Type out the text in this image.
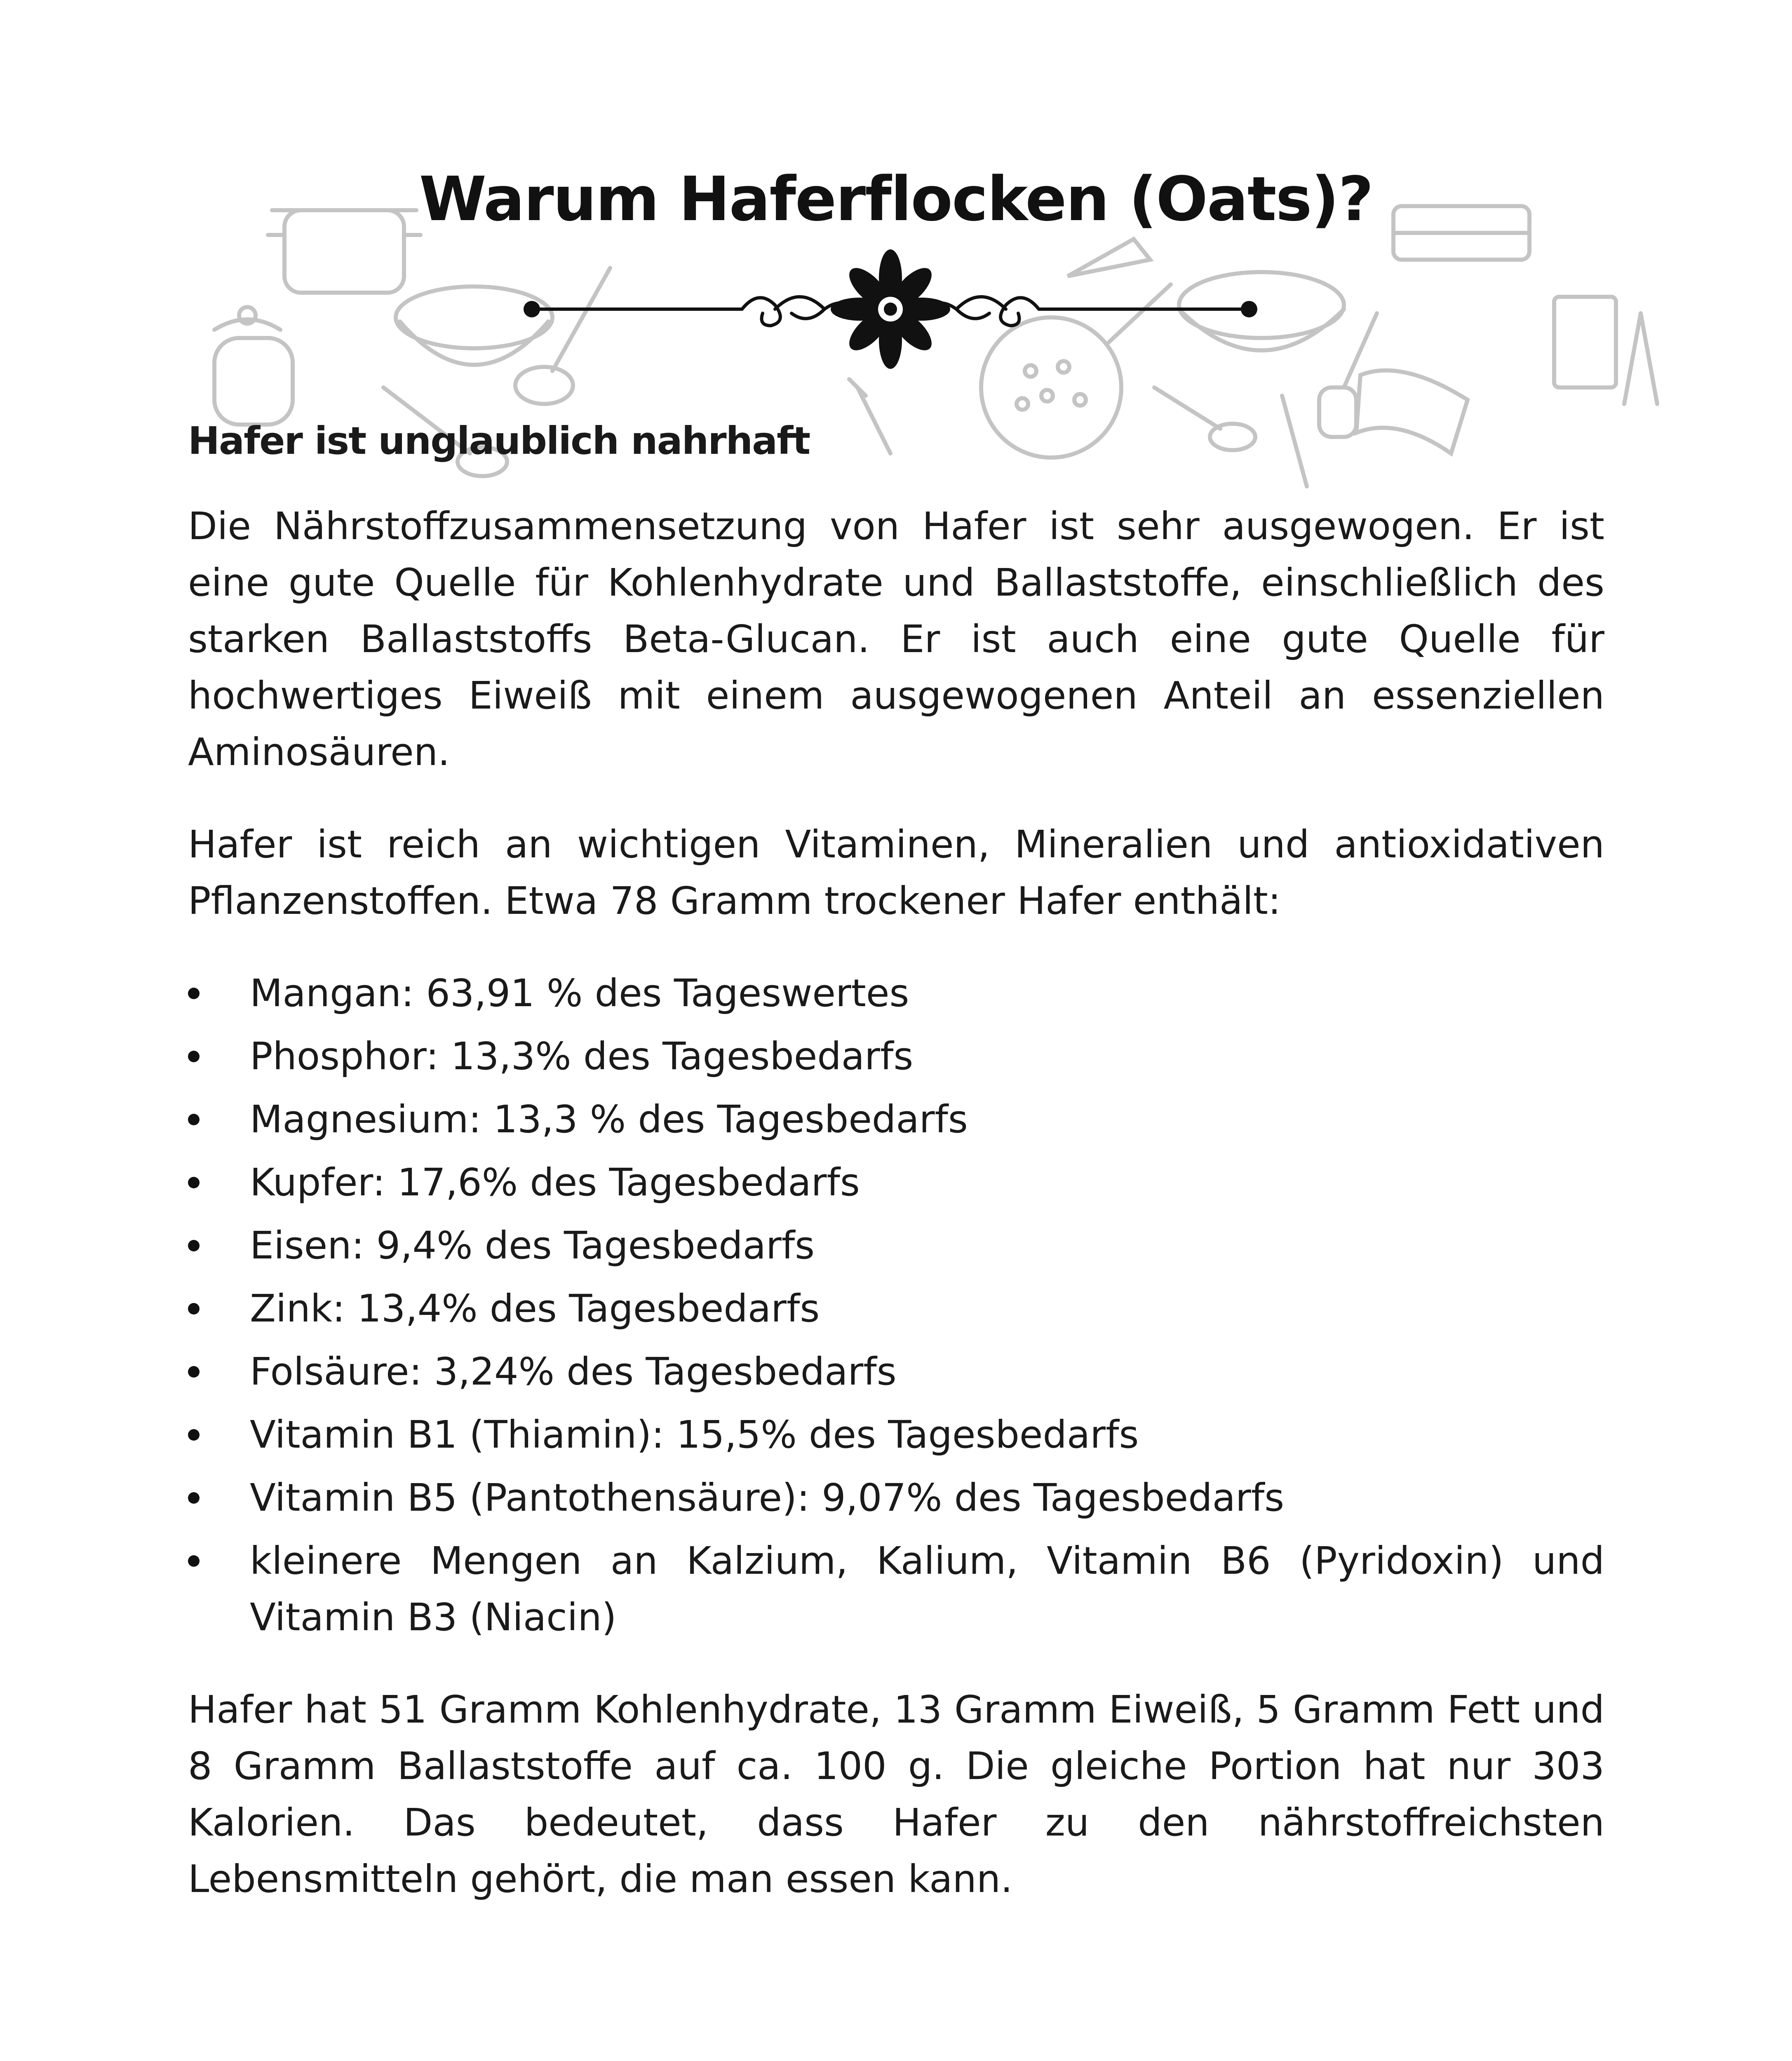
Warum Haferflocken (Oats)?
Hafer ist unglaublich nahrhaft

Die Nährstoffzusammensetzung von Hafer ist sehr ausgewogen. Er ist eine gute Quelle für Kohlenhydrate und Ballaststoffe, einschließlich des starken Ballaststoffs Beta-Glucan. Er ist auch eine gute Quelle für hochwertiges Eiweiß mit einem ausgewogenen Anteil an essenziellen Aminosäuren.

Hafer ist reich an wichtigen Vitaminen, Mineralien und antioxidativen Pflanzenstoffen. Etwa 78 Gramm trockener Hafer enthält:

Mangan: 63,91 % des Tageswertes
Phosphor: 13,3% des Tagesbedarfs
Magnesium: 13,3 % des Tagesbedarfs
Kupfer: 17,6% des Tagesbedarfs
Eisen: 9,4% des Tagesbedarfs
Zink: 13,4% des Tagesbedarfs
Folsäure: 3,24% des Tagesbedarfs
Vitamin B1 (Thiamin): 15,5% des Tagesbedarfs
Vitamin B5 (Pantothensäure): 9,07% des Tagesbedarfs
kleinere Mengen an Kalzium, Kalium, Vitamin B6 (Pyridoxin) und Vitamin B3 (Niacin)

Hafer hat 51 Gramm Kohlenhydrate, 13 Gramm Eiweiß, 5 Gramm Fett und 8 Gramm Ballaststoffe auf ca. 100 g. Die gleiche Portion hat nur 303 Kalorien. Das bedeutet, dass Hafer zu den nährstoffreichsten Lebensmitteln gehört, die man essen kann.
